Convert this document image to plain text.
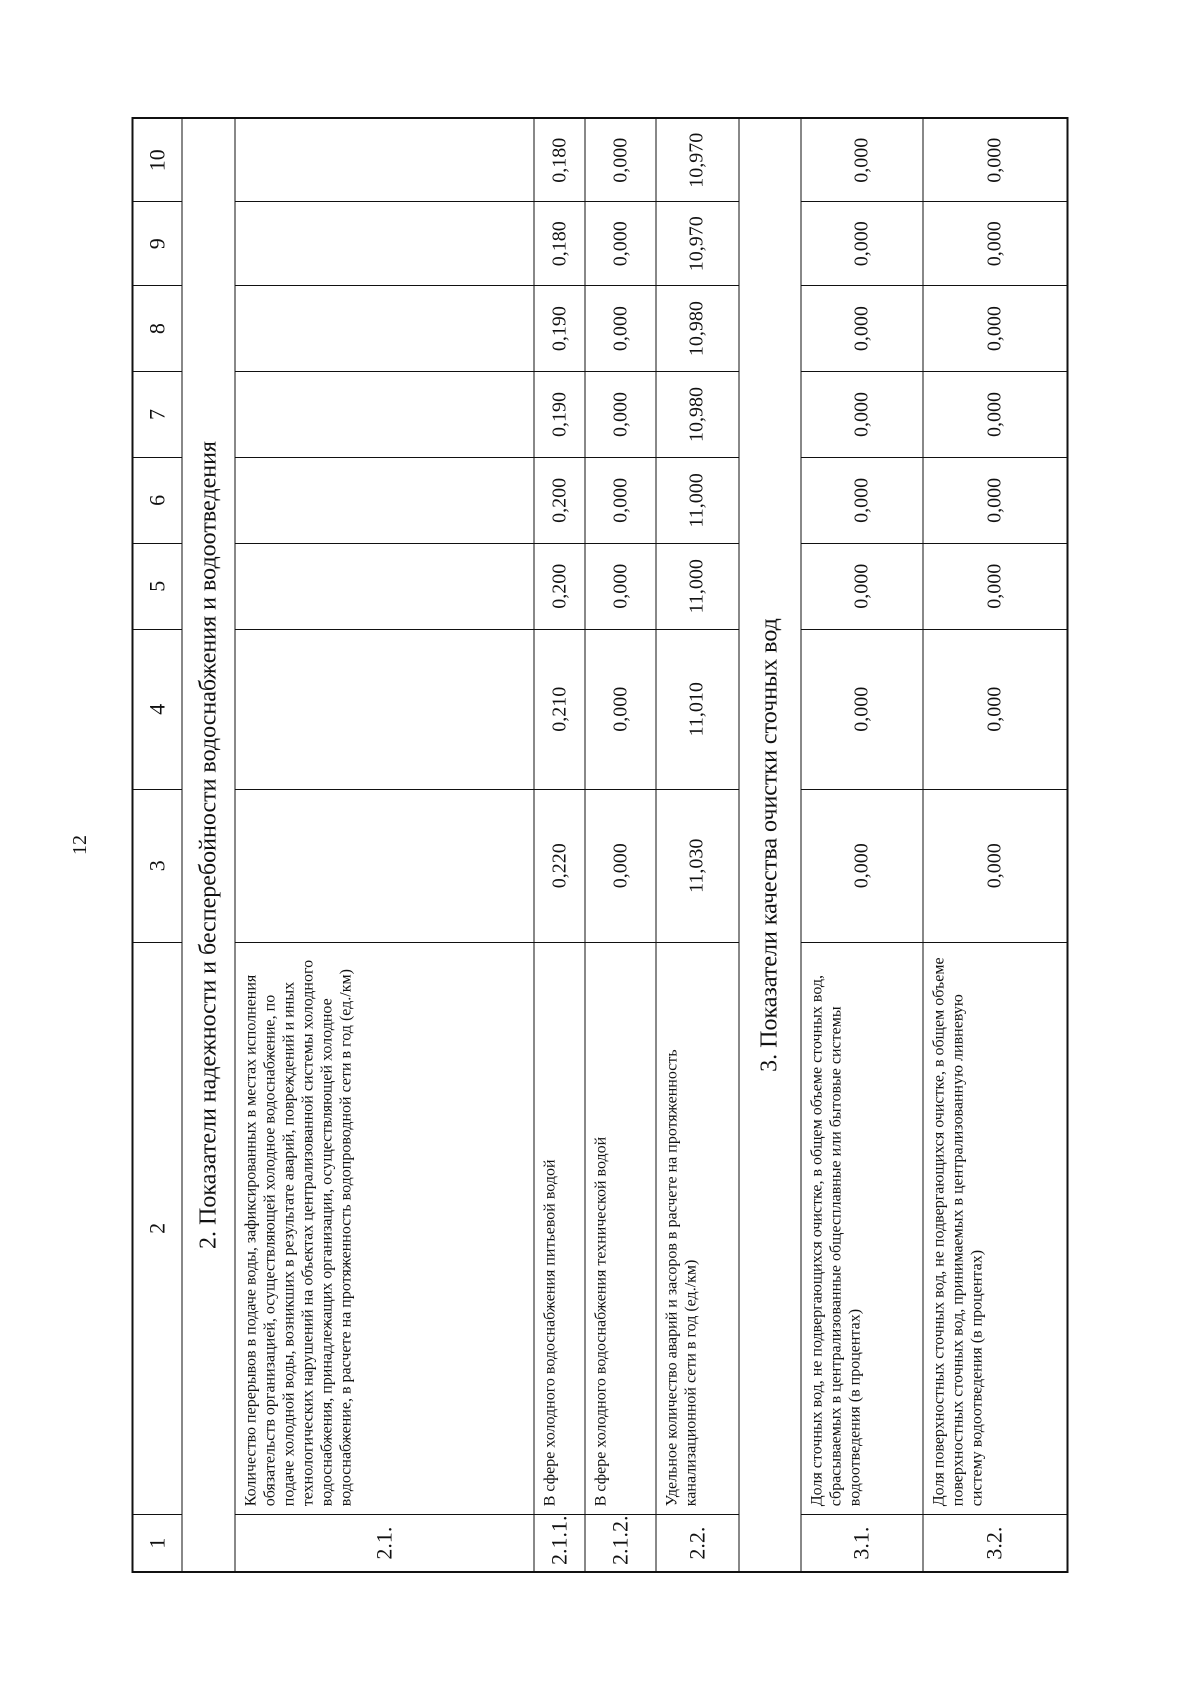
12
1	2	3	4	5	6	7	8	9	10
2. Показатели надежности и бесперебойности водоснабжения и водоотведения									
2.1.	Количество перерывов в подаче воды, зафиксированных в местах исполнения обязательств организацией, осуществляющей холодное водоснабжение, по подаче холодной воды, возникших в результате аварий, повреждений и иных технологических нарушений на объектах централизованной системы холодного водоснабжения, принадлежащих организации, осуществляющей холодное водоснабжение, в расчете на протяженность водопроводной сети в год (ед./км)								
2.1.1.	В сфере холодного водоснабжения питьевой водой	0,220	0,210	0,200	0,200	0,190	0,190	0,180	0,180
2.1.2.	В сфере холодного водоснабжения технической водой	0,000	0,000	0,000	0,000	0,000	0,000	0,000	0,000
2.2.	Удельное количество аварий и засоров в расчете на протяженность канализационной сети в год (ед./км)	11,030	11,010	11,000	11,000	10,980	10,980	10,970	10,970
3. Показатели качества очистки сточных вод									
3.1.	Доля сточных вод, не подвергающихся очистке, в общем объеме сточных вод, сбрасываемых в централизованные общесплавные или бытовые системы водоотведения (в процентах)	0,000	0,000	0,000	0,000	0,000	0,000	0,000	0,000
3.2.	Доля поверхностных сточных вод, не подвергающихся очистке, в общем объеме поверхностных сточных вод, принимаемых в централизованную ливневую систему водоотведения (в процентах)	0,000	0,000	0,000	0,000	0,000	0,000	0,000	0,000
